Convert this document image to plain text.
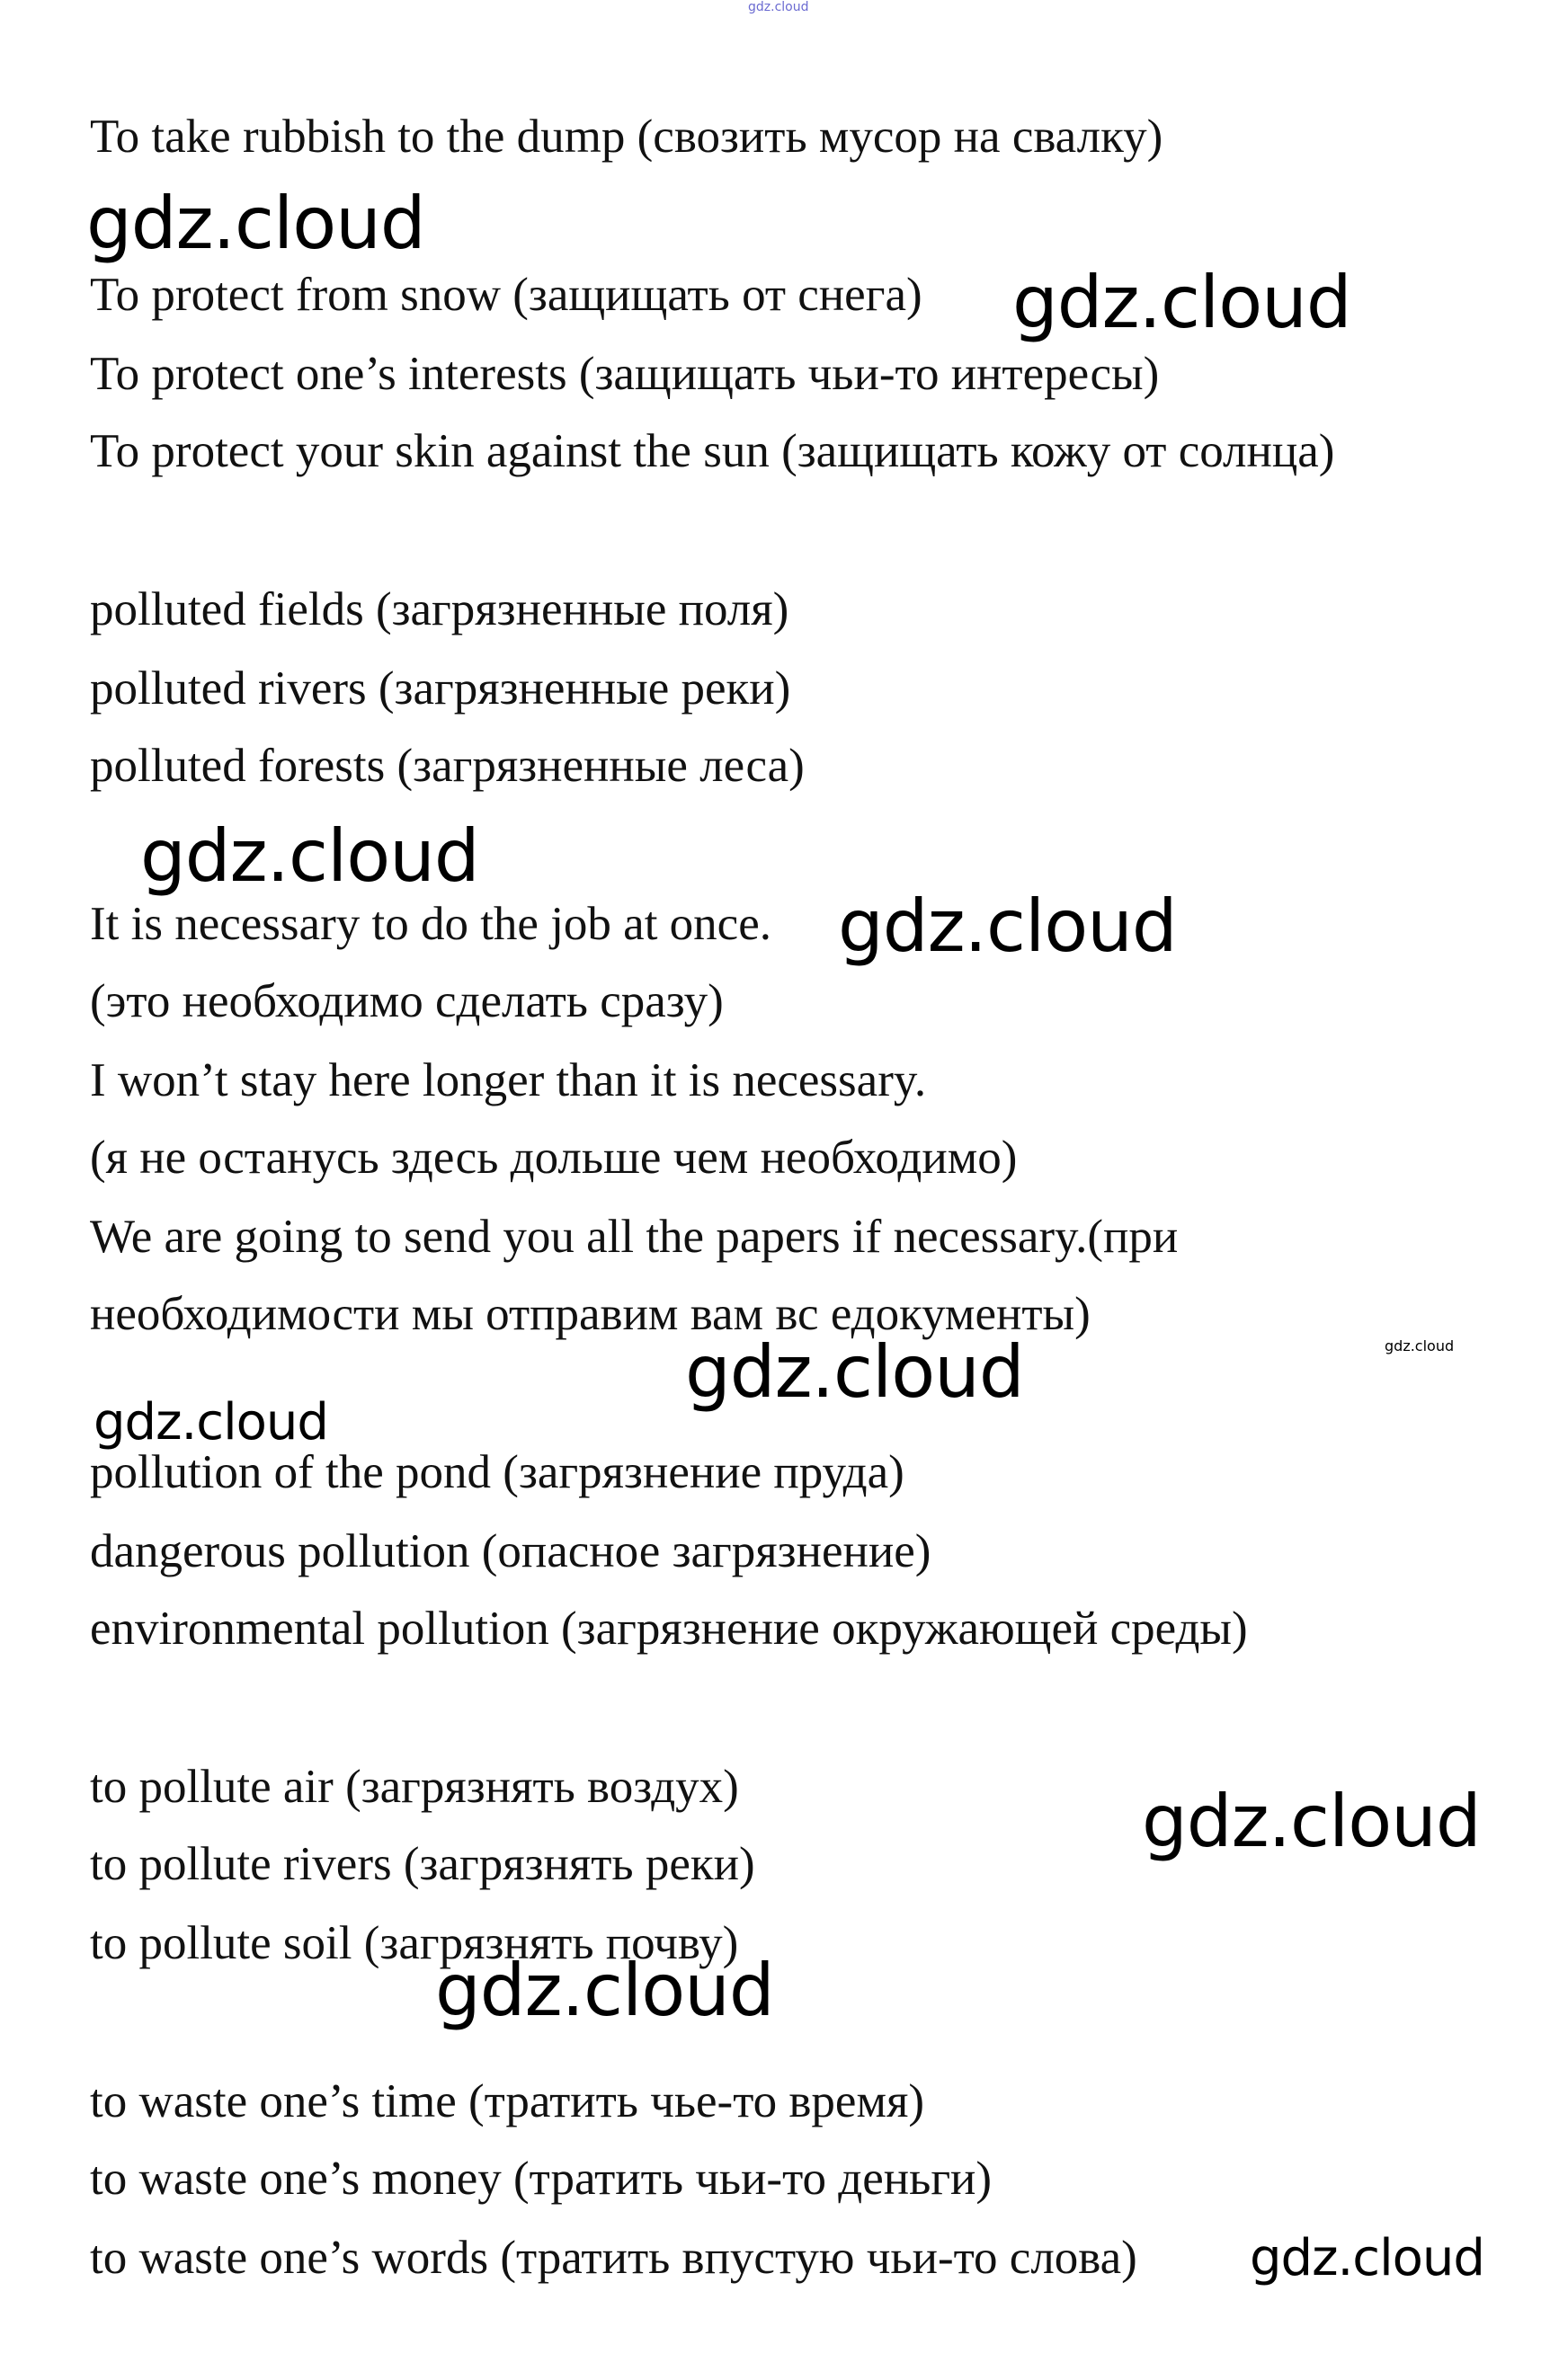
gdz.cloud
gdz.cloud
gdz.cloud
gdz.cloud
gdz.cloud
gdz.cloud	gdz.cloud
gdz.cloud
gdz.cloud
gdz.cloud
gdz.cloud
To take rubbish to the dump (свозить мусор на свалку)
To protect from snow (защищать от снега)
To protect one’s interests (защищать чьи-то интересы)
To protect your skin against the sun (защищать кожу от солнца)
polluted fields (загрязненные поля)
polluted rivers (загрязненные реки)
polluted forests (загрязненные леса)
It is necessary to do the job at once.
(это необходимо сделать сразу)
I won’t stay here longer than it is necessary.
(я не останусь здесь дольше чем необходимо)
We are going to send you all the papers if necessary.(при
необходимости мы отправим вам вс едокументы)
pollution of the pond (загрязнение пруда)
dangerous pollution (опасное загрязнение)
environmental pollution (загрязнение окружающей среды)
to pollute air (загрязнять воздух)
to pollute rivers (загрязнять реки)
to pollute soil (загрязнять почву)
to waste one’s time (тратить чье-то время)
to waste one’s money (тратить чьи-то деньги)
to waste one’s words (тратить впустую чьи-то слова)
